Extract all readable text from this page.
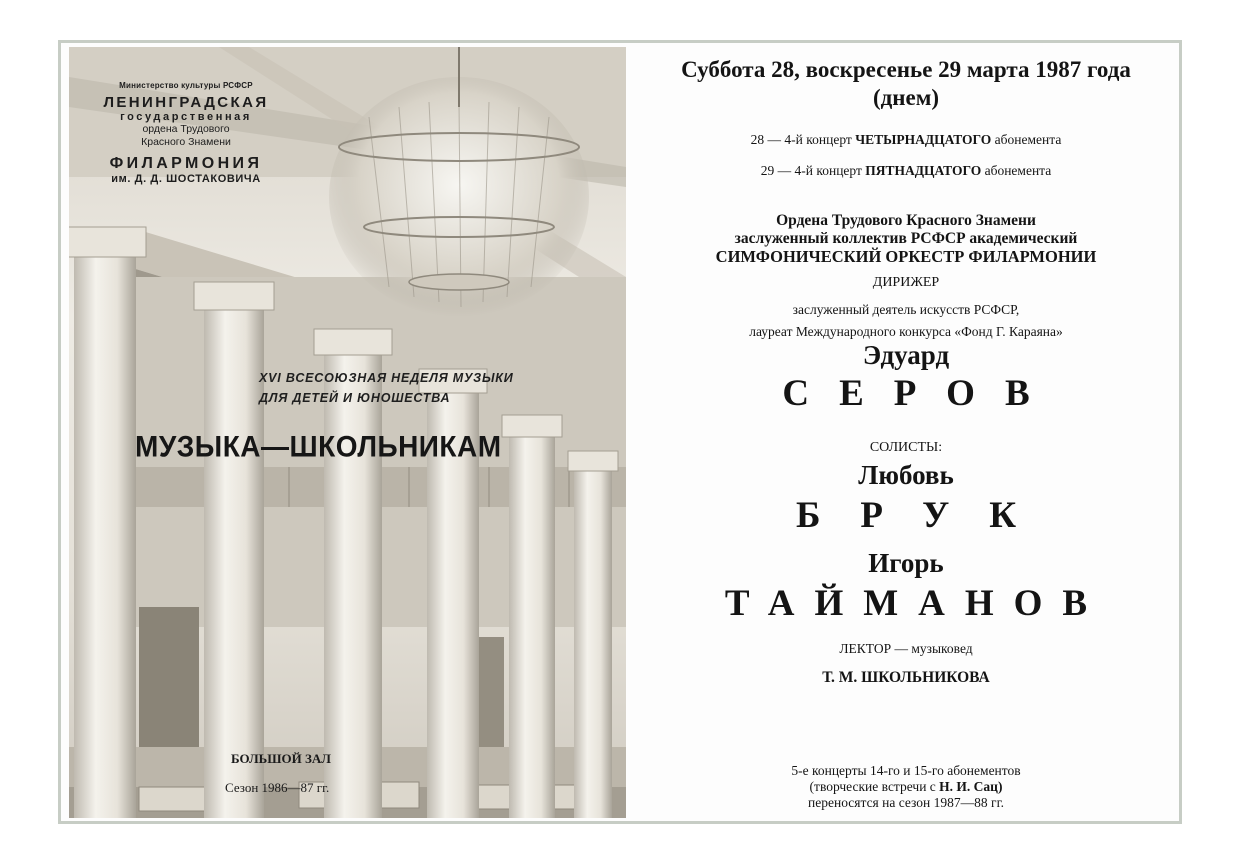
Министерство культуры РСФСР
ЛЕНИНГРАДСКАЯ
государственная
ордена Трудового
Красного Знамени
ФИЛАРМОНИЯ
им. Д. Д. ШОСТАКОВИЧА
XVI ВСЕСОЮЗНАЯ НЕДЕЛЯ МУЗЫКИ
ДЛЯ ДЕТЕЙ И ЮНОШЕСТВА
МУЗЫКА—ШКОЛЬНИКАМ
БОЛЬШОЙ ЗАЛ
Сезон 1986—87 гг.
Суббота 28, воскресенье 29 марта 1987 года
(днем)
28 — 4-й концерт ЧЕТЫРНАДЦАТОГО абонемента
29 — 4-й концерт ПЯТНАДЦАТОГО абонемента
Ордена Трудового Красного Знамени
заслуженный коллектив РСФСР академический
СИМФОНИЧЕСКИЙ ОРКЕСТР ФИЛАРМОНИИ
ДИРИЖЕР
заслуженный деятель искусств РСФСР,
лауреат Международного конкурса «Фонд Г. Караяна»
Эдуард
СЕРОВ
СОЛИСТЫ:
Любовь
БРУК
Игорь
ТАЙМАНОВ
ЛЕКТОР — музыковед
Т. М. ШКОЛЬНИКОВА
5-е концерты 14-го и 15-го абонементов
(творческие встречи с Н. И. Сац)
переносятся на сезон 1987—88 гг.
